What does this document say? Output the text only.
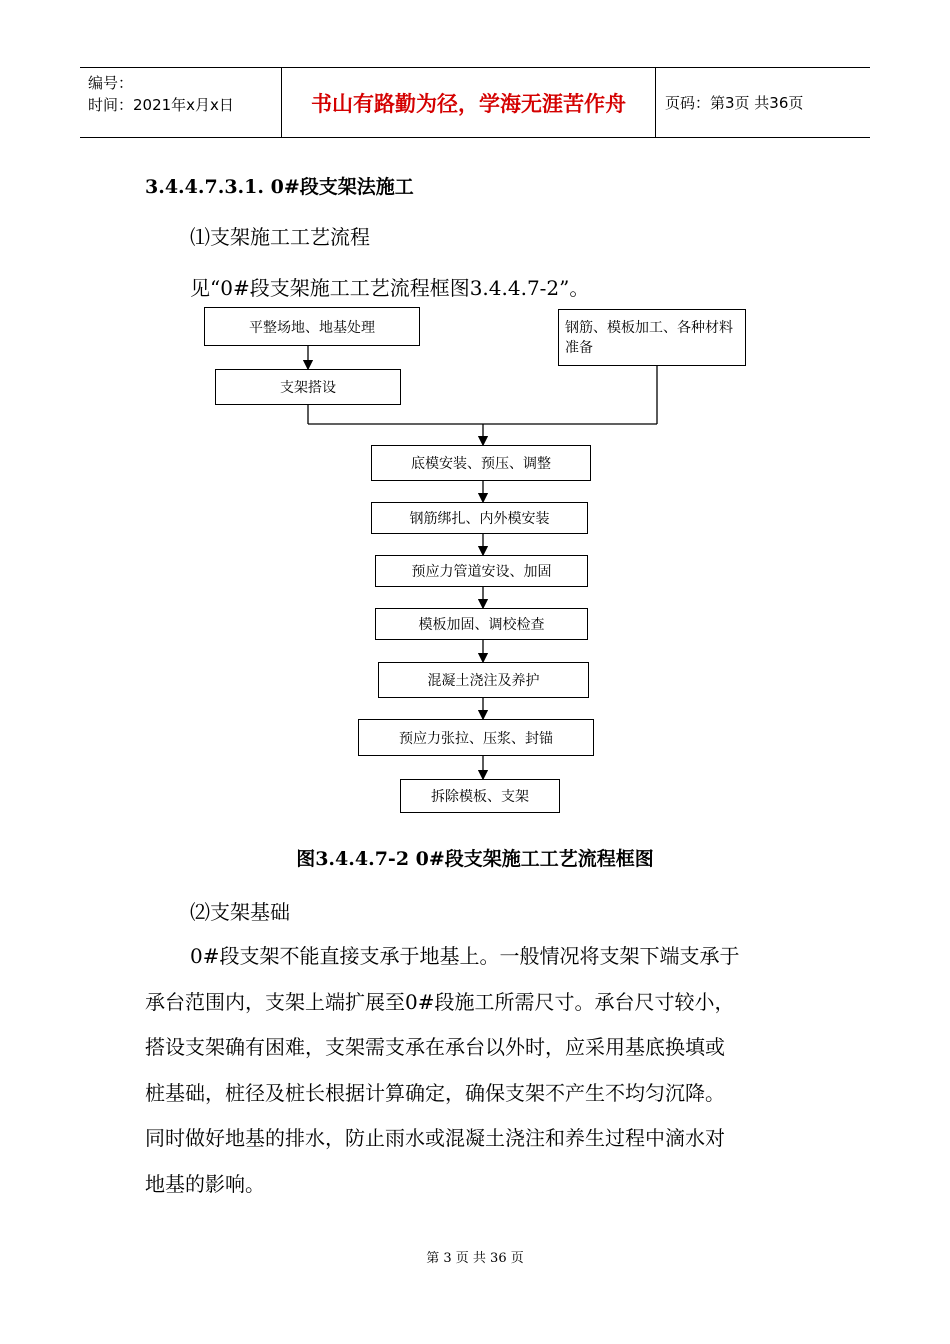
编号：
时间：2021年x月x日	书山有路勤为径，学海无涯苦作舟	页码：第3页 共36页
3.4.4.7.3.1. 0#段支架法施工
⑴支架施工工艺流程
见“0#段支架施工工艺流程框图3.4.4.7-2”。
平整场地、地基处理	钢筋、模板加工、各种材料准备
支架搭设
底模安装、预压、调整
钢筋绑扎、内外模安装
预应力管道安设、加固
模板加固、调校检查
混凝土浇注及养护
预应力张拉、压浆、封锚
拆除模板、支架
图3.4.4.7-2 0#段支架施工工艺流程框图
⑵支架基础

0#段支架不能直接支承于地基上。一般情况将支架下端支承于

承台范围内，支架上端扩展至0#段施工所需尺寸。承台尺寸较小，

搭设支架确有困难，支架需支承在承台以外时，应采用基底换填或

桩基础，桩径及桩长根据计算确定，确保支架不产生不均匀沉降。

同时做好地基的排水，防止雨水或混凝土浇注和养生过程中滴水对

地基的影响。

第 3 页 共 36 页
